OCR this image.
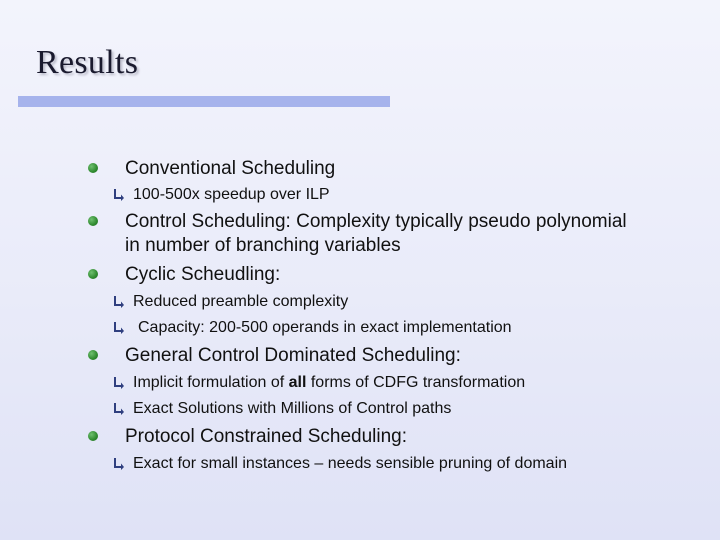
Results
Conventional Scheduling
100-500x speedup over ILP
Control Scheduling: Complexity typically pseudo polynomial
in number of branching variables
Cyclic Scheudling:
Reduced preamble complexity
Capacity: 200-500 operands in exact implementation
General Control Dominated Scheduling:
Implicit formulation of all forms of CDFG transformation
Exact Solutions with Millions of Control paths
Protocol Constrained Scheduling:
Exact for small instances – needs sensible pruning of domain
